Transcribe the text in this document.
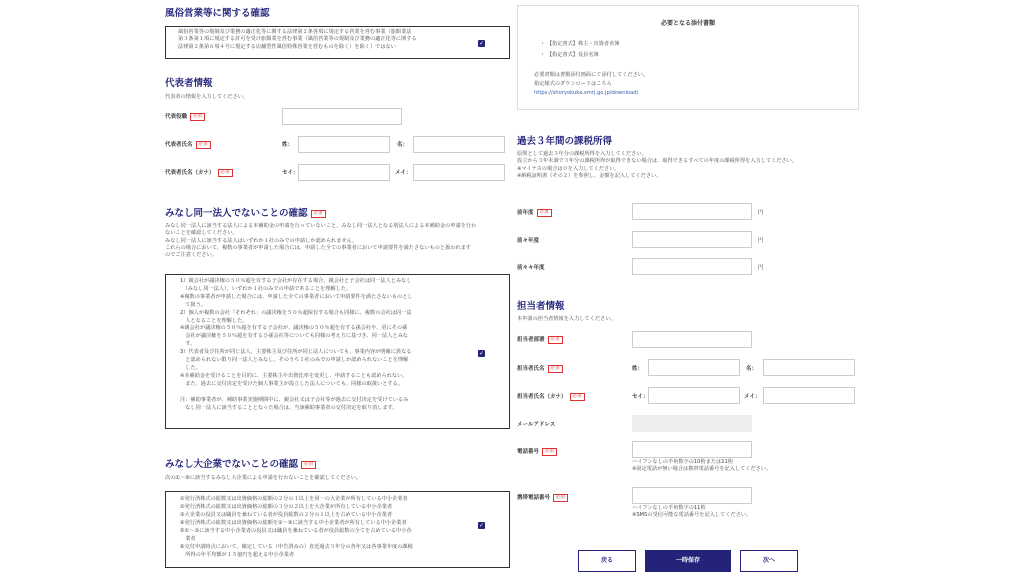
風俗営業等に関する確認
風俗営業等の規制及び業務の適正化等に関する法律第２条各項に規定する営業を営む事業（旅館業法
第３条第１項に規定する許可を受け旅館業を営む事業（風俗営業等の規制及び業務の適正化等に関する
法律第２条第６項４号に規定する店舗型性風俗特殊営業を営むものを除く）を除く）ではない	✓
代表者情報
代表者の情報を入力してください。
代表役職 必須
代表者氏名 必須	姓：	名：
代表者氏名（カナ） 必須	セイ：	メイ：
みなし同一法人でないことの確認 必須
みなし同一法人に該当する法人による本補助金の申請を行っていないこと、みなし同一法人となる別法人による本補助金の申請を行わ
ないことを確認してください。
みなし同一法人に該当する法人はいずれか１社のみでの申請しか認められません。
これらの場合において、複数の事業者が申請した場合には、申請した全ての事業者において申請要件を満たさないものと扱われます
のでご注意ください。
1）親会社が議決権の５０％超を有する子会社が存在する場合、親会社と子会社は同一法人とみなし
　（みなし同一法人）、いずれか１社のみでの申請であることを理解した。
※複数の事業者が申請した場合には、申請した全ての事業者において申請要件を満たさないものとし
　て扱う。
2）個人が複数の会社「それぞれ」の議決権を５０％超保有する場合も同様に、複数の会社は同一法
　人となることを理解した。
※親会社が議決権の５０％超を有する子会社が、議決権の５０％超を有する孫会社や、更にその孫
　会社が議決権を５０％超を有するひ孫会社等についても同様の考え方に基づき、同一法人とみな
　す。
3）代表者及び住所が同じ法人、主要株主及び住所が同じ法人についても、事業内容が明確に異なる
　と認められない限り同一法人とみなし、そのうち１社のみでの申請しか認められないことを理解
　した。
※本補助金を受けることを目的に、主要株主や出資比率を変更し、申請することも認められない。
　また、過去に交付決定を受けた個人事業主が設立した法人についても、同様の取扱いとする。

注：補助事業者が、補助事業実施期間中に、親会社又は子会社等が過去に交付決定を受けているみ
　なし同一法人に該当することとなった場合は、当該補助事業者の交付決定を取り消します。
✓
みなし大企業でないことの確認 必須
次の①〜⑥に該当するみなし大企業による申請を行わないことを確認してください。
①発行済株式の総数又は出資価格の総額の２分の１以上を同一の大企業が所有している中小企業者
②発行済株式の総数又は出資価格の総額の３分の２以上を大企業が所有している中小企業者
③大企業の役員又は職員を兼ねている者が役員総数の２分の１以上を占めている中小企業者
④発行済株式の総数又は出資価格の総額を①〜③に該当する中小企業者が所有している中小企業者
⑤①〜③に該当する中小企業者の役員又は職員を兼ねている者が役員総数の全てを占めている中小企
　業者
⑥交付申請時点において、確定している（申告済みの）直近過去３年分の各年又は各事業年度の課税
　所得の年平均額が１５億円を超える中小企業者
✓
必要となる添付書類
・ 【指定書式】株主・出資者名簿
・ 【指定書式】役員名簿
必要書類は書類添付画面にて添付してください。
指定様式のダウンロードはこちら
https://shoryokuka.smrj.go.jp/download/
過去３年間の課税所得
原則として過去３年分の課税所得を入力してください。
設立から３年未満で３年分の課税所得が取得できない場合は、取得できるすべての年度の課税所得を入力してください。
※マイナスの場合は０を入力してください。
※納税証明書（その２）を参照し、金額を記入してください。
前年度 必須	円
前々年度	円
前々々年度	円
担当者情報
本申請の担当者情報を入力してください。
担当者部署 必須
担当者氏名 必須	姓：	名：
担当者氏名（カナ） 必須	セイ：	メイ：
メールアドレス
電話番号 必須
ハイフンなしの半角数字の10桁または11桁
※固定電話が無い場合は携帯電話番号を記入してください。
携帯電話番号 必須
ハイフンなしの半角数字の11桁
※SMSの受信可能な電話番号を記入してください。
戻る	一時保存	次へ
